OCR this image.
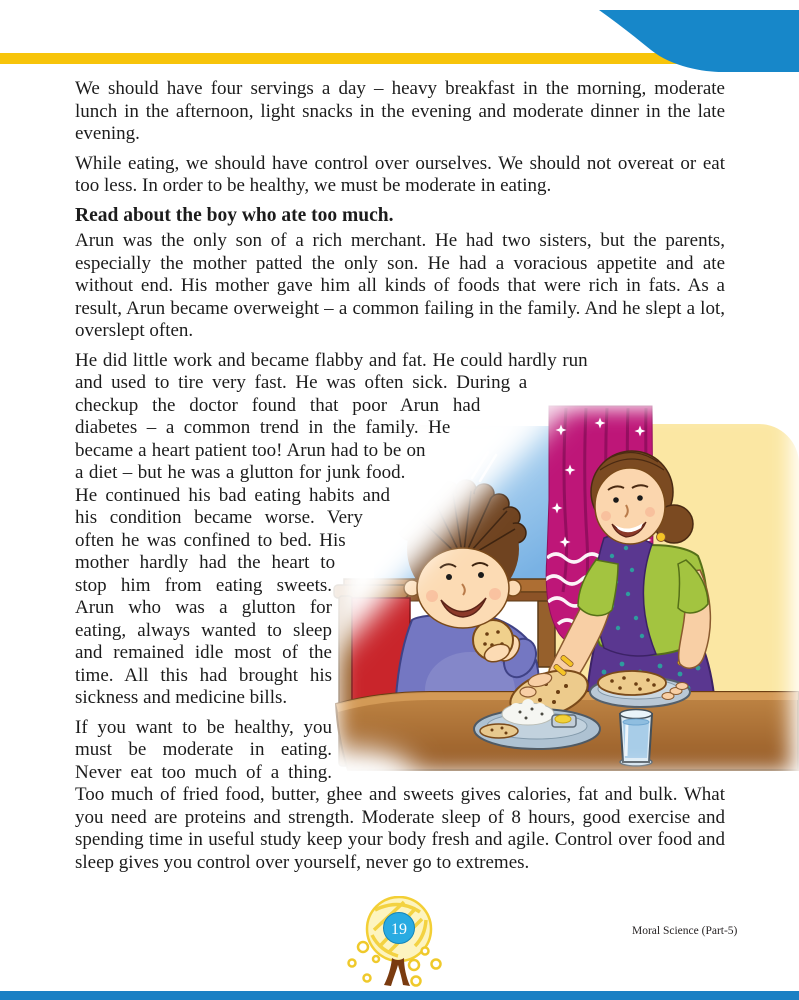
We should have four servings a day – heavy breakfast in the morning, moderate lunch in the afternoon, light snacks in the evening and moderate dinner in the late evening.

While eating, we should have control over ourselves. We should not overeat or eat too less. In order to be healthy, we must be moderate in eating.

Read about the boy who ate too much.

Arun was the only son of a rich merchant. He had two sisters, but the parents, especially the mother patted the only son. He had a voracious appetite and ate without end. His mother gave him all kinds of foods that were rich in fats. As a result, Arun became overweight – a common failing in the family. And he slept a lot, overslept often.

He did little work and became flabby and fat. He could hardly run and used to tire very fast. He was often sick. During a checkup the doctor found that poor Arun had diabetes – a common trend in the family. He became a heart patient too! Arun had to be on a diet – but he was a glutton for junk food. He continued his bad eating habits and his condition became worse. Very often he was confined to bed. His mother hardly had the heart to stop him from eating sweets. Arun who was a glutton for eating, always wanted to sleep and remained idle most of the time. All this had brought his sickness and medicine bills.

If you want to be healthy, you must be moderate in eating. Never eat too much of a thing. Too much of fried food, butter, ghee and sweets gives calories, fat and bulk. What you need are proteins and strength. Moderate sleep of 8 hours, good exercise and spending time in useful study keep your body fresh and agile. Control over food and sleep gives you control over yourself, never go to extremes.

19	Moral Science (Part-5)
